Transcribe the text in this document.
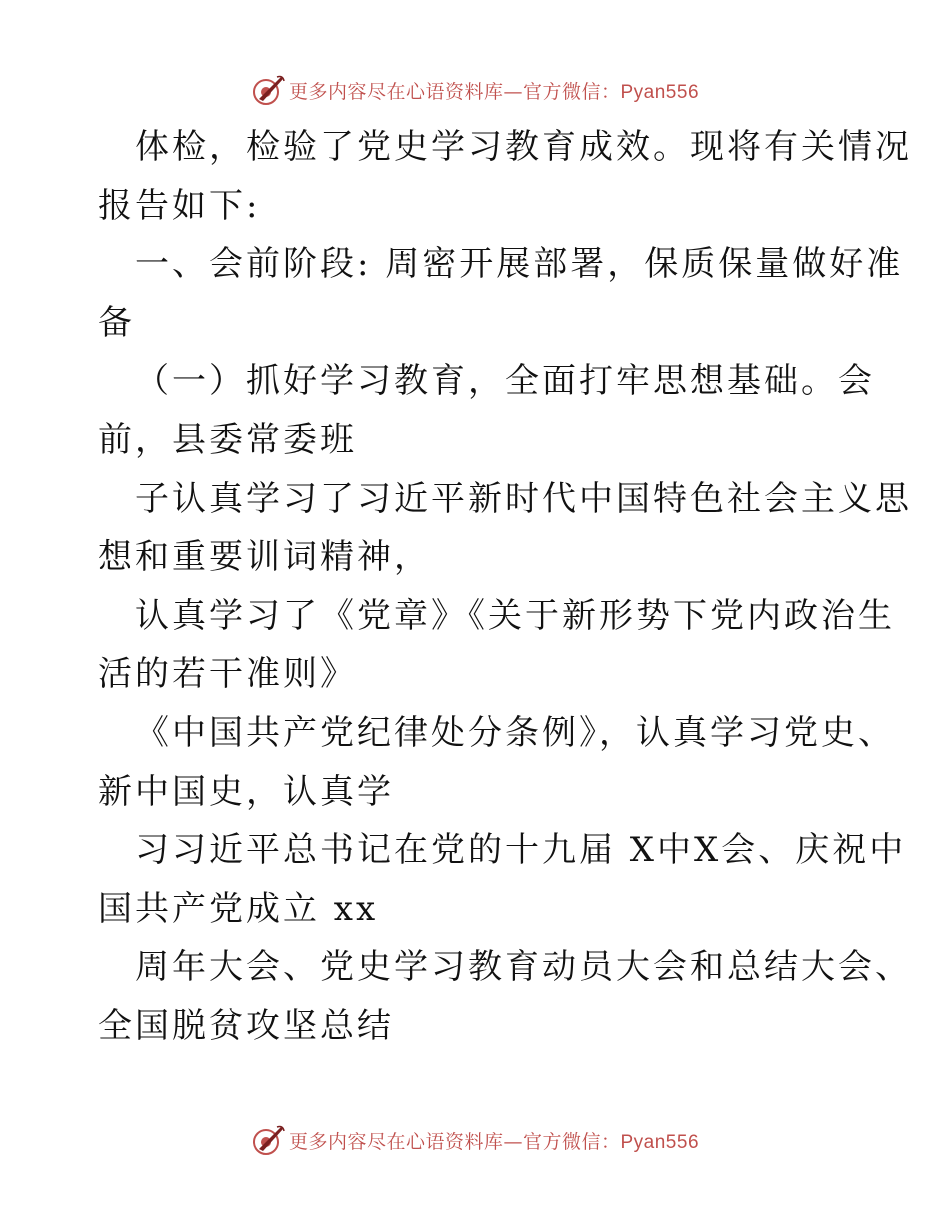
更多内容尽在心语资料库—官方微信：Pyan556
体检，检验了党史学习教育成效。现将有关情况
报告如下:
一、会前阶段: 周密开展部署，保质保量做好准
备
（一）抓好学习教育，全面打牢思想基础。会
前，县委常委班
子认真学习了习近平新时代中国特色社会主义思
想和重要训词精神，
认真学习了《党章》《关于新形势下党内政治生
活的若干准则》
《中国共产党纪律处分条例》，认真学习党史、
新中国史，认真学
习习近平总书记在党的十九届 X中X会、庆祝中
国共产党成立 xx
周年大会、党史学习教育动员大会和总结大会、
全国脱贫攻坚总结
更多内容尽在心语资料库—官方微信：Pyan556
